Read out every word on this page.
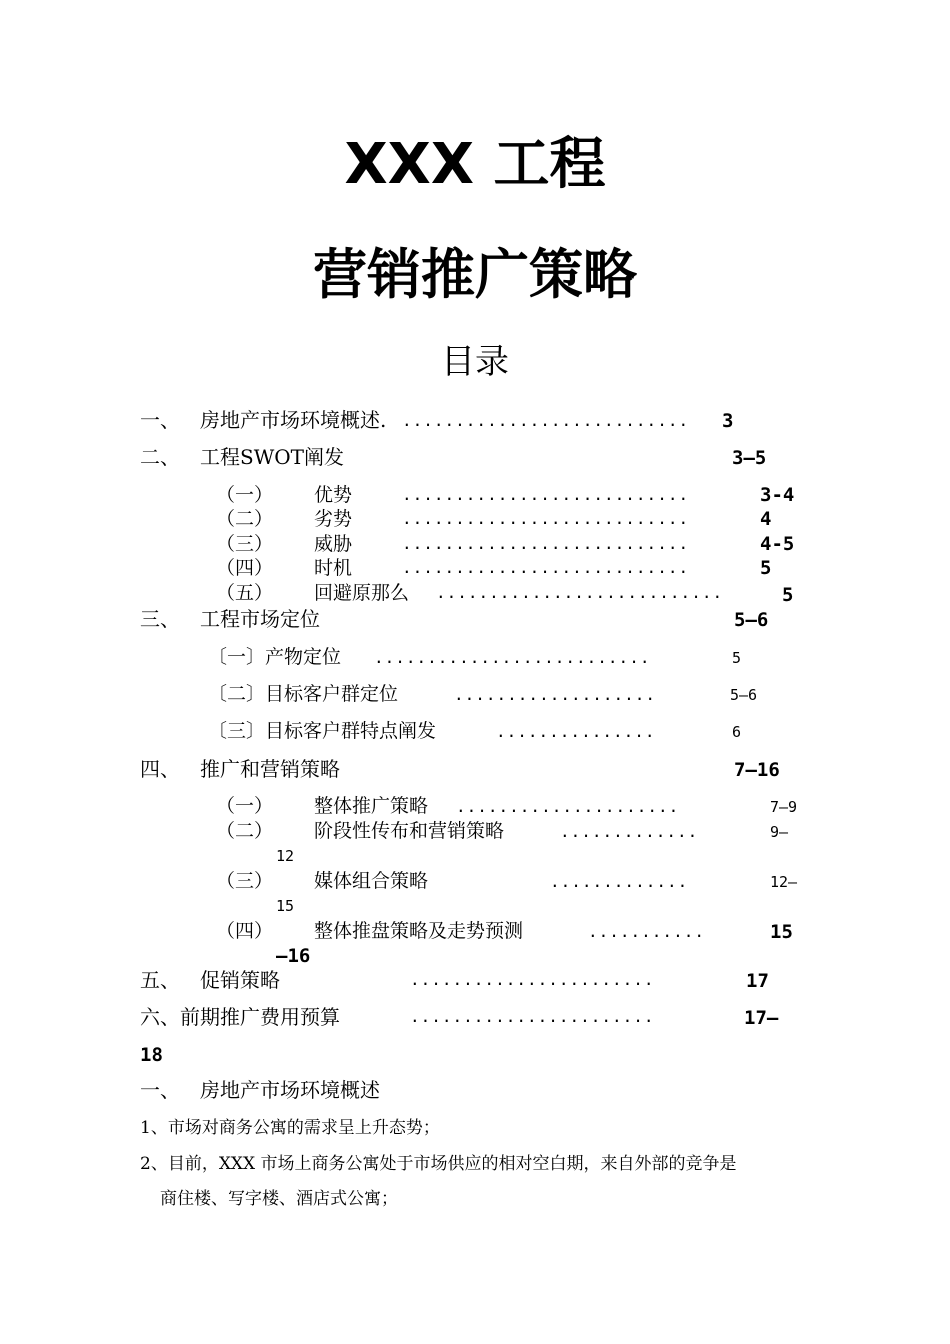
XXX 工程
营销推广策略
目录
一、 房地产市场环境概述. ........................... 3
二、 工程SWOT阐发	3—5
（一） 优势	...........................	3-4
（二） 劣势	...........................	4
（三） 威胁	...........................	4-5
（四） 时机	...........................	5
（五） 回避原那么 ...........................	5
三、 工程市场定位	5—6
〔一〕产物定位 ..........................	5
〔二〕目标客户群定位	...................	5—6
〔三〕目标客户群特点阐发	...............	6
四、 推广和营销策略	7—16
（一） 整体推广策略 .....................	7—9
（二） 阶段性传布和营销策略	.............	9—
12
（三） 媒体组合策略	.............	12—
15
（四） 整体推盘策略及走势预测	...........	15
—16
五、 促销策略	.......................	17
六、前期推广费用预算	.......................	17—
18
一、 房地产市场环境概述
1、市场对商务公寓的需求呈上升态势；
2、目前，XXX 市场上商务公寓处于市场供应的相对空白期，来自外部的竞争是
商住楼、写字楼、酒店式公寓；
